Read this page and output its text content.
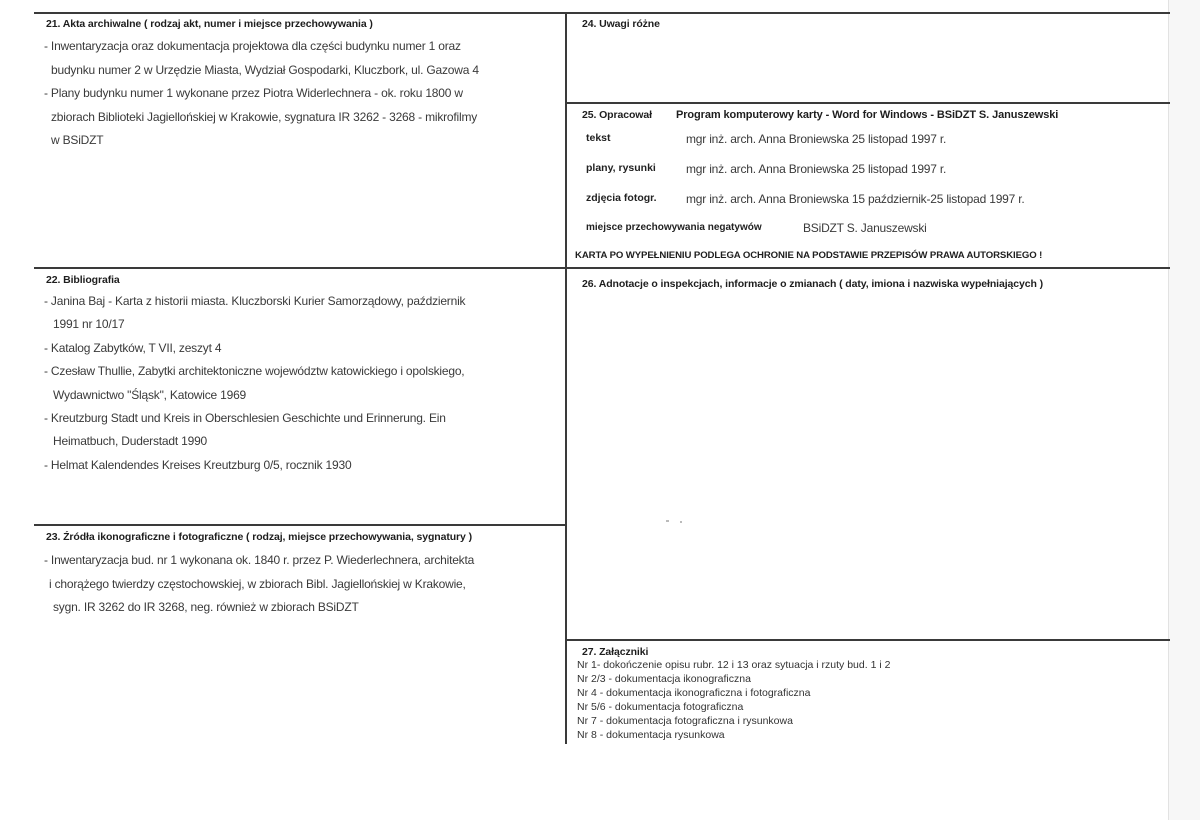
21. Akta archiwalne ( rodzaj akt, numer i miejsce przechowywania )
- Inwentaryzacja oraz dokumentacja projektowa dla części budynku numer 1 oraz
budynku numer 2 w Urzędzie Miasta, Wydział Gospodarki, Kluczbork, ul. Gazowa 4
- Plany budynku numer 1 wykonane przez Piotra Widerlechnera - ok. roku 1800 w
zbiorach Biblioteki Jagiellońskiej w Krakowie, sygnatura IR 3262 - 3268 - mikrofilmy
w BSiDZT
22. Bibliografia
- Janina Baj - Karta z historii miasta. Kluczborski Kurier Samorządowy, październik
1991 nr 10/17
- Katalog Zabytków, T VII, zeszyt 4
- Czesław Thullie, Zabytki architektoniczne województw katowickiego i opolskiego,
Wydawnictwo "Śląsk", Katowice 1969
- Kreutzburg Stadt und Kreis in Oberschlesien Geschichte und Erinnerung. Ein
Heimatbuch, Duderstadt 1990
- Helmat Kalendendes Kreises Kreutzburg 0/5, rocznik 1930
23. Źródła ikonograficzne i fotograficzne ( rodzaj, miejsce przechowywania, sygnatury )
- Inwentaryzacja bud. nr 1 wykonana ok. 1840 r. przez P. Wiederlechnera, architekta
i chorążego twierdzy częstochowskiej, w zbiorach Bibl. Jagiellońskiej w Krakowie,
sygn. IR 3262 do IR 3268, neg. również w zbiorach BSiDZT
24. Uwagi różne
25. Opracował Program komputerowy karty - Word for Windows - BSiDZT S. Januszewski
tekst	mgr inż. arch. Anna Broniewska 25 listopad 1997 r.
plany, rysunki	mgr inż. arch. Anna Broniewska 25 listopad 1997 r.
zdjęcia fotogr. mgr inż. arch. Anna Broniewska 15 październik-25 listopad 1997 r.
miejsce przechowywania negatywów	BSiDZT S. Januszewski
KARTA PO WYPEŁNIENIU PODLEGA OCHRONIE NA PODSTAWIE PRZEPISÓW PRAWA AUTORSKIEGO !
26. Adnotacje o inspekcjach, informacje o zmianach ( daty, imiona i nazwiska wypełniających )
27. Załączniki
Nr 1- dokończenie opisu rubr. 12 i 13 oraz sytuacja i rzuty bud. 1 i 2
Nr 2/3 - dokumentacja ikonograficzna
Nr 4 - dokumentacja ikonograficzna i fotograficzna
Nr 5/6 - dokumentacja fotograficzna
Nr 7 - dokumentacja fotograficzna i rysunkowa
Nr 8 - dokumentacja rysunkowa
